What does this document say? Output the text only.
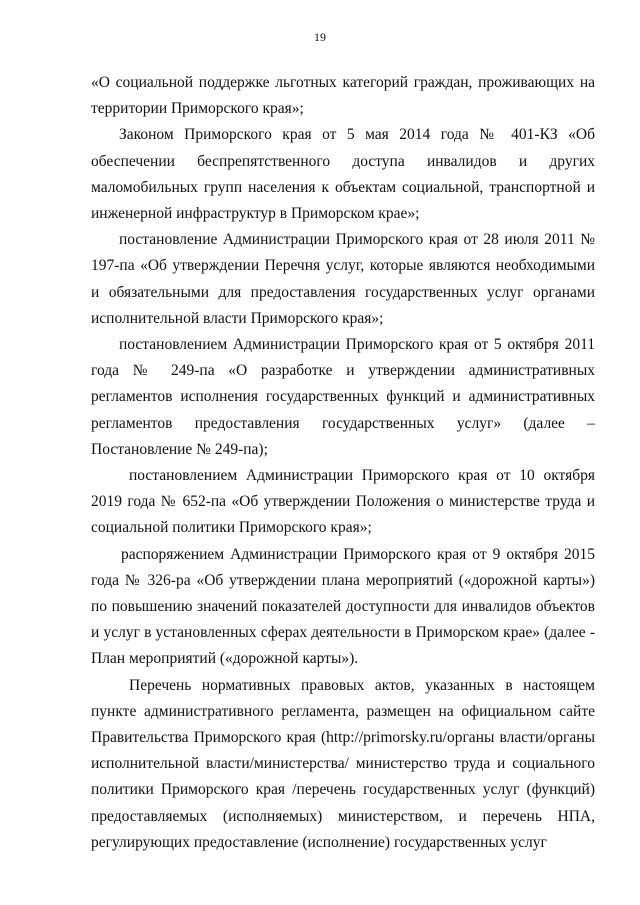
19

«О социальной поддержке льготных категорий граждан, проживающих на территории Приморского края»;

Законом Приморского края от 5 мая 2014 года № 401-КЗ «Об обеспечении беспрепятственного доступа инвалидов и других маломобильных групп населения к объектам социальной, транспортной и инженерной инфраструктур в Приморском крае»;

постановление Администрации Приморского края от 28 июля 2011 № 197-па «Об утверждении Перечня услуг, которые являются необходимыми и обязательными для предоставления государственных услуг органами исполнительной власти Приморского края»;

постановлением Администрации Приморского края от 5 октября 2011 года № 249-па «О разработке и утверждении административных регламентов исполнения государственных функций и административных регламентов предоставления государственных услуг» (далее – Постановление № 249-па);

постановлением Администрации Приморского края от 10 октября 2019 года № 652-па «Об утверждении Положения о министерстве труда и социальной политики Приморского края»;

распоряжением Администрации Приморского края от 9 октября 2015 года № 326-ра «Об утверждении плана мероприятий («дорожной карты») по повышению значений показателей доступности для инвалидов объектов и услуг в установленных сферах деятельности в Приморском крае» (далее - План мероприятий («дорожной карты»).

Перечень нормативных правовых актов, указанных в настоящем пункте административного регламента, размещен на официальном сайте Правительства Приморского края (http://primorsky.ru/органы власти/органы исполнительной власти/министерства/ министерство труда и социального политики Приморского края /перечень государственных услуг (функций) предоставляемых (исполняемых) министерством, и перечень НПА, регулирующих предоставление (исполнение) государственных услуг
